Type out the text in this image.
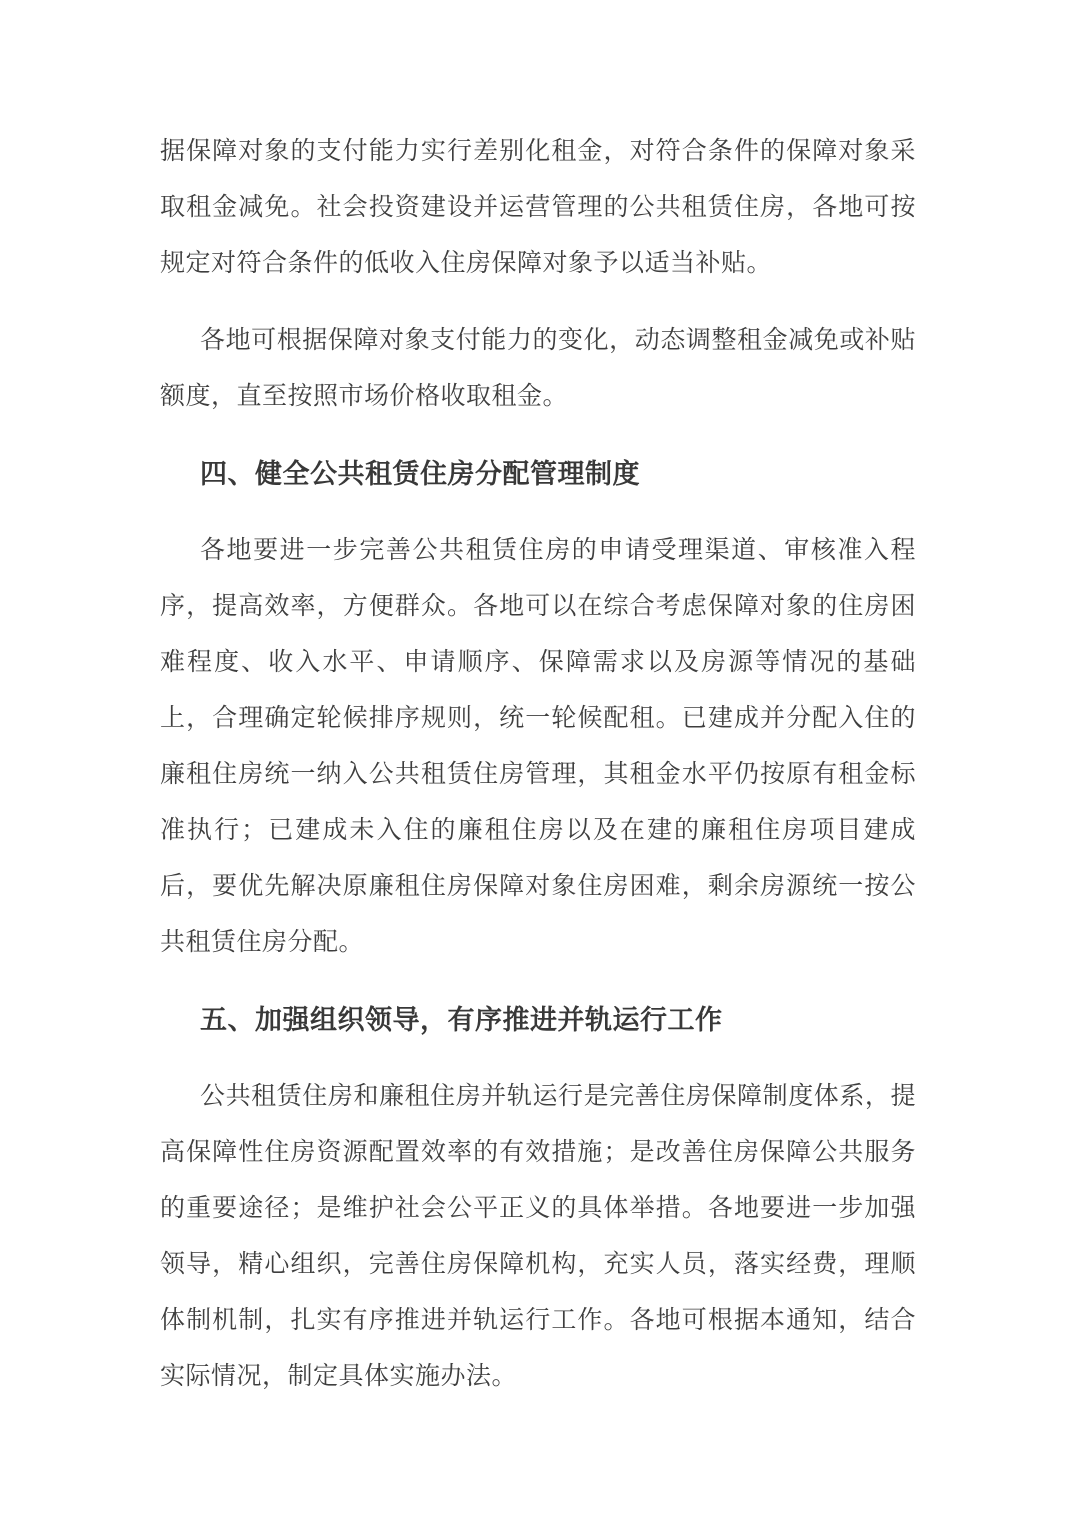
据保障对象的支付能力实行差别化租金，对符合条件的保障对象采取租金减免。社会投资建设并运营管理的公共租赁住房，各地可按规定对符合条件的低收入住房保障对象予以适当补贴。

各地可根据保障对象支付能力的变化，动态调整租金减免或补贴额度，直至按照市场价格收取租金。

四、健全公共租赁住房分配管理制度

各地要进一步完善公共租赁住房的申请受理渠道、审核准入程序，提高效率，方便群众。各地可以在综合考虑保障对象的住房困难程度、收入水平、申请顺序、保障需求以及房源等情况的基础上，合理确定轮候排序规则，统一轮候配租。已建成并分配入住的廉租住房统一纳入公共租赁住房管理，其租金水平仍按原有租金标准执行；已建成未入住的廉租住房以及在建的廉租住房项目建成后，要优先解决原廉租住房保障对象住房困难，剩余房源统一按公共租赁住房分配。

五、加强组织领导，有序推进并轨运行工作

公共租赁住房和廉租住房并轨运行是完善住房保障制度体系，提高保障性住房资源配置效率的有效措施；是改善住房保障公共服务的重要途径；是维护社会公平正义的具体举措。各地要进一步加强领导，精心组织，完善住房保障机构，充实人员，落实经费，理顺体制机制，扎实有序推进并轨运行工作。各地可根据本通知，结合实际情况，制定具体实施办法。
